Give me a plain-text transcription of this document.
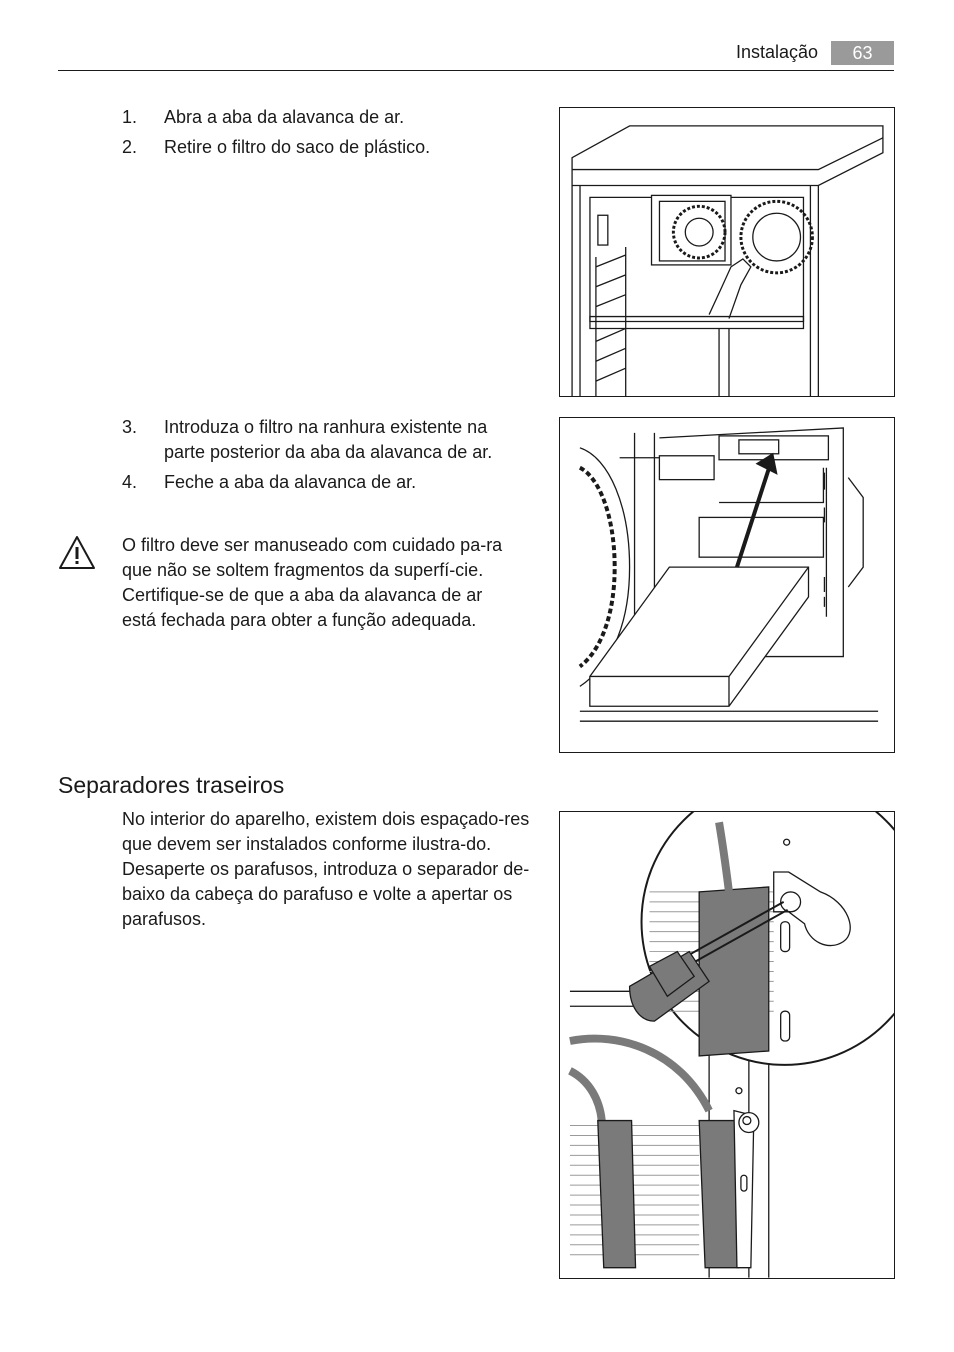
Instalação	63
1. Abra a aba da alavanca de ar.
2. Retire o filtro do saco de plástico.
3. Introduza o filtro na ranhura existente na parte posterior da aba da alavanca de ar.
4. Feche a aba da alavanca de ar.

O filtro deve ser manuseado com cuidado pa-ra que não se soltem fragmentos da superfí-cie.

Certifique-se de que a aba da alavanca de ar está fechada para obter a função adequada.

Separadores traseiros

No interior do aparelho, existem dois espaçado-res que devem ser instalados conforme ilustra-do.

Desaperte os parafusos, introduza o separador de-baixo da cabeça do parafuso e volte a apertar os parafusos.
